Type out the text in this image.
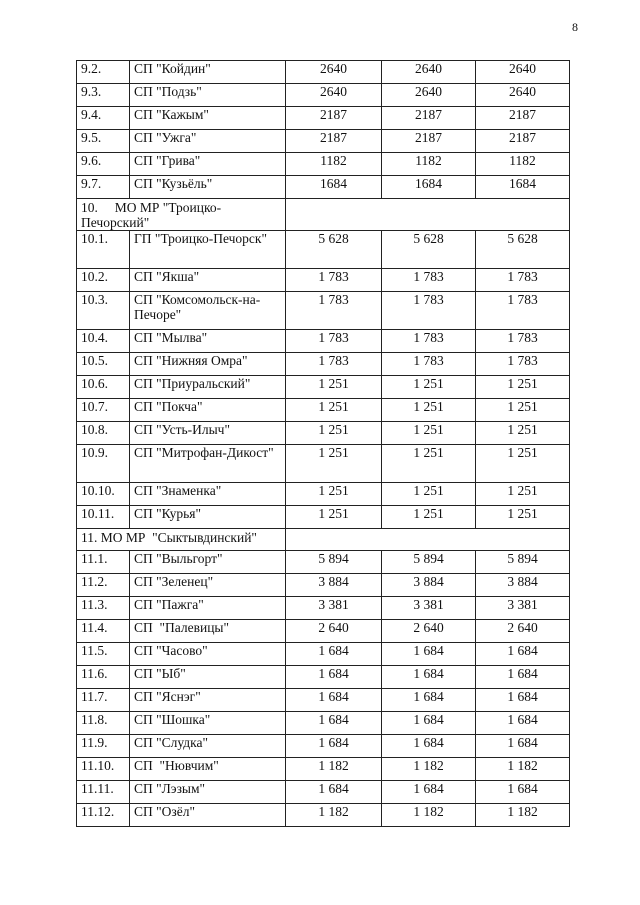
8
9.2.	СП "Койдин"	2640	2640	2640
9.3.	СП "Подзь"	2640	2640	2640
9.4.	СП "Кажым"	2187	2187	2187
9.5.	СП "Ужга"	2187	2187	2187
9.6.	СП "Грива"	1182	1182	1182
9.7.	СП "Кузьёль"	1684	1684	1684
10.     МО МР "Троицко-Печорский"				
10.1.	ГП "Троицко-Печорск"	5 628	5 628	5 628
10.2.	СП "Якша"	1 783	1 783	1 783
10.3.	СП "Комсомольск-на-Печоре"	1 783	1 783	1 783
10.4.	СП "Мылва"	1 783	1 783	1 783
10.5.	СП "Нижняя Омра"	1 783	1 783	1 783
10.6.	СП "Приуральский"	1 251	1 251	1 251
10.7.	СП "Покча"	1 251	1 251	1 251
10.8.	СП "Усть-Илыч"	1 251	1 251	1 251
10.9.	СП "Митрофан-Дикост"	1 251	1 251	1 251
10.10.	СП "Знаменка"	1 251	1 251	1 251
10.11.	СП "Курья"	1 251	1 251	1 251
11. МО МР  "Сыктывдинский"				
11.1.	СП "Выльгорт"	5 894	5 894	5 894
11.2.	СП "Зеленец"	3 884	3 884	3 884
11.3.	СП "Пажга"	3 381	3 381	3 381
11.4.	СП  "Палевицы"	2 640	2 640	2 640
11.5.	СП "Часово"	1 684	1 684	1 684
11.6.	СП "Ыб"	1 684	1 684	1 684
11.7.	СП "Яснэг"	1 684	1 684	1 684
11.8.	СП "Шошка"	1 684	1 684	1 684
11.9.	СП "Слудка"	1 684	1 684	1 684
11.10.	СП  "Нювчим"	1 182	1 182	1 182
11.11.	СП "Лэзым"	1 684	1 684	1 684
11.12.	СП "Озёл"	1 182	1 182	1 182
